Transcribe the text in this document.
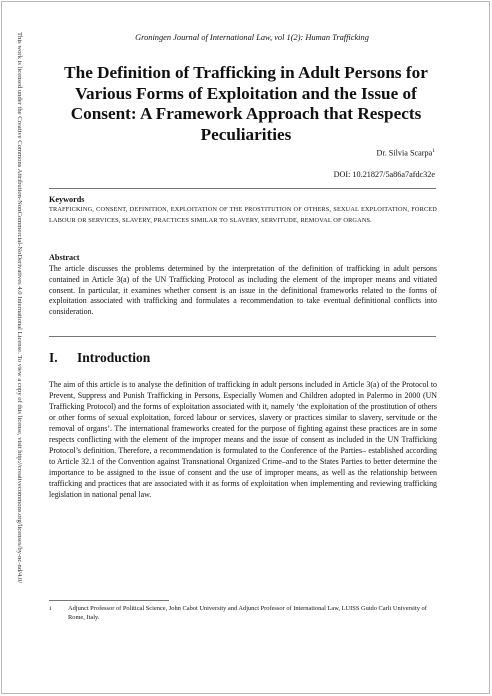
This work is licensed under the Creative Commons Attribution-NonCommercial-NoDerivatives 4.0 International License. To view a copy of this license, visit http://creativecommons.org/licenses/by-nc-nd/4.0/	Groningen Journal of International Law, vol 1(2): Human Trafficking
The Definition of Trafficking in Adult Persons for Various Forms of Exploitation and the Issue of Consent: A Framework Approach that Respects Peculiarities
Dr. Silvia Scarpa$^1$
DOI: 10.21827/5a86a7afdc32e
Keywords
TRAFFICKING, CONSENT, DEFINITION, EXPLOITATION OF THE PROSTITUTION OF OTHERS, SEXUAL EXPLOITATION, FORCED LABOUR OR SERVICES, SLAVERY, PRACTICES SIMILAR TO SLAVERY, SERVITUDE, REMOVAL OF ORGANS.
Abstract
The article discusses the problems determined by the interpretation of the definition of trafficking in adult persons contained in Article 3(a) of the UN Trafficking Protocol as including the element of the improper means and vitiated consent. In particular, it examines whether consent is an issue in the definitional frameworks related to the forms of exploitation associated with trafficking and formulates a recommendation to take eventual definitional conflicts into consideration.
I. Introduction
The aim of this article is to analyse the definition of trafficking in adult persons included in Article 3(a) of the Protocol to Prevent, Suppress and Punish Trafficking in Persons, Especially Women and Children adopted in Palermo in 2000 (UN Trafficking Protocol) and the forms of exploitation associated with it, namely ‘the exploitation of the prostitution of others or other forms of sexual exploitation, forced labour or services, slavery or practices similar to slavery, servitude or the removal of organs’. The international frameworks created for the purpose of fighting against these practices are in some respects conflicting with the element of the improper means and the issue of consent as included in the UN Trafficking Protocol’s definition. Therefore, a recommendation is formulated to the Conference of the Parties– established according to Article 32.1 of the Convention against Transnational Organized Crime–and to the States Parties to better determine the importance to be assigned to the issue of consent and the use of improper means, as well as the relationship between trafficking and practices that are associated with it as forms of exploitation when implementing and reviewing trafficking legislation in national penal law.
1	Adjunct Professor of Political Science, John Cabot University and Adjunct Professor of International Law, LUISS Guido Carli University of Rome, Italy.
